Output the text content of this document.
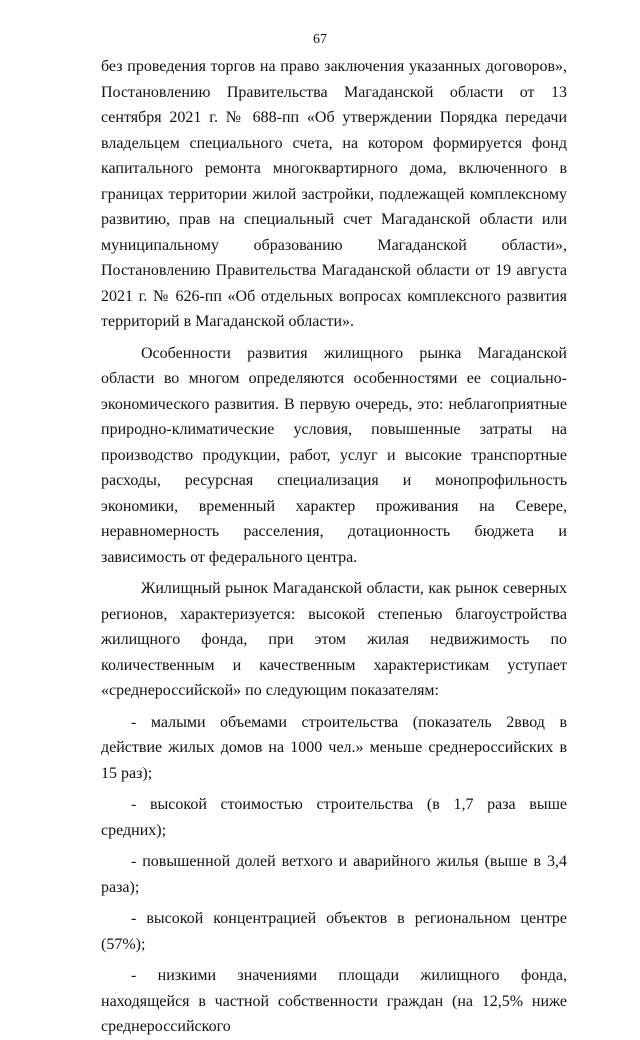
67

без проведения торгов на право заключения указанных договоров», Постановлению Правительства Магаданской области от 13 сентября 2021 г. № 688-пп «Об утверждении Порядка передачи владельцем специального счета, на котором формируется фонд капитального ремонта многоквартирного дома, включенного в границах территории жилой застройки, подлежащей комплексному развитию, прав на специальный счет Магаданской области или муниципальному образованию Магаданской области», Постановлению Правительства Магаданской области от 19 августа 2021 г. № 626-пп «Об отдельных вопросах комплексного развития территорий в Магаданской области».

Особенности развития жилищного рынка Магаданской области во многом определяются особенностями ее социально-экономического развития. В первую очередь, это: неблагоприятные природно-климатические условия, повышенные затраты на производство продукции, работ, услуг и высокие транспортные расходы, ресурсная специализация и монопрофильность экономики, временный характер проживания на Севере, неравномерность расселения, дотационность бюджета и зависимость от федерального центра.

Жилищный рынок Магаданской области, как рынок северных регионов, характеризуется: высокой степенью благоустройства жилищного фонда, при этом жилая недвижимость по количественным и качественным характеристикам уступает «среднероссийской» по следующим показателям:

- малыми объемами строительства (показатель 2ввод в действие жилых домов на 1000 чел.» меньше среднероссийских в 15 раз);

- высокой стоимостью строительства (в 1,7 раза выше средних);

- повышенной долей ветхого и аварийного жилья (выше в 3,4 раза);

- высокой концентрацией объектов в региональном центре (57%);

- низкими значениями площади жилищного фонда, находящейся в частной собственности граждан (на 12,5% ниже среднероссийского
